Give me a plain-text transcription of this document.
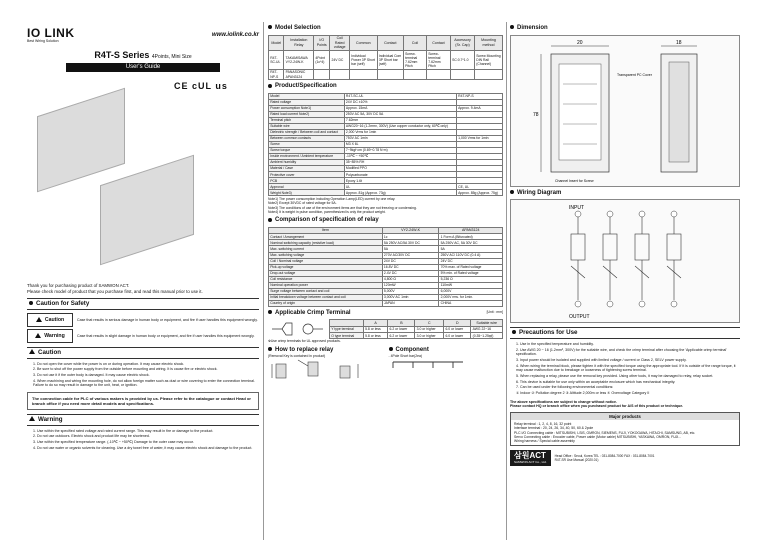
IO LINK
Best Wiring Solution
www.iolink.co.kr
R4T-S Series 4Points, Mini Size
User's Guide
CE cUL us
Thank you for purchasing product of SAMWON ACT.
Please check model of product that you purchase first, and read this manual prior to use it.
Caution for Safety
Caution	Case that results in serious damage in human body or equipment, and fire if user handles this equipment wrongly.
Warning	Case that results in slight damage in human body or equipment, and fire if user handles this equipment wrongly.
Caution
1. Do not open the cover while the power is on or during operation. It may cause electric shock.
2. Be sure to shut off the power supply from the outside before mounting and wiring. It is cause fire or electric shock.
3. Do not use it if the outer body is damaged. It may cause electric shock.
4. When machining and wiring the mounting hole, do not allow foreign matter such as dust or wire covering to enter the connection terminal. Failure to do so may result in damage to the unit, heat, or ignition.
The connection cable for PLC of various makers is provided by us. Please refer to the catalogue or contact Head or branch office if you need more detail models and specifications.
Warning
1. Use within the specified rated voltage and rated current range. This may result in fire or damage to the product.
2. Do not use outdoors. Electric shock and product life may be shortened.
3. Use within the specified temperature range. (-10℃ ~ +50℃) Damage to the outer case may occur.
4. Do not use water or organic solvents for cleaning. Use a dry towel free of water, it may cause electric shock and damage to the product.
Model Selection
Model	Installation Relay	I/O Points	Coil Rated voltage	Common	Contact	Coil	Contact	Accessory (Sr. Cap)	Mounting method
R4T-SC-UL	TAKAMISAWA VY2-24W-K	4Point (1c*4)	24V DC	Individual Power 3P Short bar (self)	Individual Com 3P Short bar (self)	Screw-terminal 7.62mm Pitch	Screw-terminal 7.62mm Pitch	SC:0.7*1.0	Screw Mounting DIN Rail (Channel)
R4T-NP-S	PANASONIC APAN3124								
Product/Specification
Model	R4T-SC-UL	R4T-NP-S
Rated voltage	24V DC ±10%	
Power consumption Note1)	Approx. 15mA	Approx. 9.4mA
Rated load current Note2)	250V AC 5A, 30V DC 5A	
Terminal pitch	7.62mm	
Suitable wire	AWG20~16 (1.2mm², 300V) (Use copper conductor only, 60℃ only)	
Dielectric strength / Between coil and contact	2,000 Vrms for 1min	
Between common contacts	750V AC 1min	1,000 Vrms for 1min
Screw	M3 X 6L	
Screw torque	7~9kgf·cm (0.69~0.78 N·m)	
Inside environment / Ambient temperature	-10℃ ~ +50℃	
Ambient humidity	35~85% RH	
Material / Case	Modified PPO	
Protective cover	Polycarbonate	
PCB	Epoxy 1.6t	
Approval	UL	CE, UL
Weight Note3)	Approx. 81g (Approx. 73g)	Approx. 85g (Approx. 75g)
Note1) The power consumption including Operation Lamp(LED) current by one relay.
Note2) Except 30VDC of rated voltage for 5A.
Note3) The conditions of use of the environment items are that they are not freezing or condensing.
Note4) It is weight in pulse condition, parenthesized is only the product weight.
Comparison of specification of relay
Item	VY2-24W-K	APAN3124
Contact / Arrangement	1c	1 Form A (Bifurcated)
Nominal switching capacity (resistive load)	5A 250V AC/5A 30V DC	5A 250V AC, 5A 30V DC
Max. switching current	5A	5A
Max. switching voltage	270V AC/30V DC	250V AC/ 110V DC (0.4 A)
Coil / Nominal voltage	24V DC	24V DC
Pick-up voltage	16.8V DC	70% max. of Rated voltage
Drop-out voltage	2.4V DC	5% min. of Rated voltage
Coil resistance	4,800 Ω	5,236 Ω
Nominal operation power	120mW	110mW
Surge voltage between contact and coil	5,000V	6,000V
Initial breakdown voltage between contact and coil	3,000V AC 1min	2,000V rms. for 1min.
Country of origin	JAPAN	CHINA
Applicable Crimp Terminal	[Unit : mm]
	A	B	C	D	Suitable wire
Y type terminal	5.8 or less	6.2 or lower	3.0 or higher	6.0 or lower	AWG 22~16
O type terminal	5.8 or less	6.2 or lower	3.0 or higher	6.0 or lower	(0.35~1.25㎟)
※Use crimp terminals for UL approved products.
How to replace relay
(Removal Key is contained in product)
Component
- 4Pole Short bar(2ea)
Dimension
20	18
78
Channel Insert for Screw
Transparent PC Cover
Wiring Diagram
INPUT
OUTPUT
Precautions for Use
1. Use in the specified temperature and humidity.
2. Use AWG 20 ~ 16 (1.2mm², 300V) for the suitable wire, and check the crimp terminal after choosing the 'Applicable crimp terminal' specification.
3. Input power should be isolated and supplied with limited voltage / current or Class 2, SELV power supply.
4. When wiring the terminal block, please tighten it with the specified torque using the appropriate tool. If it is outside of the range torque, it may cause malfunction due to breakage or looseness of tightening screw terminal.
5. When replacing a relay, please use the removal key provided. Using other tools, it may be damaged to relay, relay socket.
6. This device is suitable for use only within an acceptable enclosure which has mechanical integrity.
7. Can be used under the following environmental conditions:
① Indoor ② Pollution degree 2 ③ Altitude 2,000m or less ④ Overvoltage Category II
The above specifications are subject to change without notice.
Please contact HQ or branch office when you purchased product for A/S of this product or technique.
Major products
Relay terminal : 1, 2, 4, 8, 16, 32 point
Interface terminal : 20, 24, 26, 34, 40, 50, 60 & 2pole
PLC I/O Connecting cable : MITSUBISHI, LSIS, OMRON, SIEMENS, FUJI, YOKOGAWA, HITACHI, SAMSUNG, AB, etc.
Servo Connecting cable : Encoder cable, Power cable (Motor cable) MITSUBISHI, YASKAWA, OMRON, FUJI...
Wiring harness / Special cable assembly
삼원ACT
SAMWON ACT Co., Ltd.
Head Office : Seoul, Korea TEL : 031-8084-7000 FAX : 031-8084-7001
R4T-SR Use Manual (2020.01)
